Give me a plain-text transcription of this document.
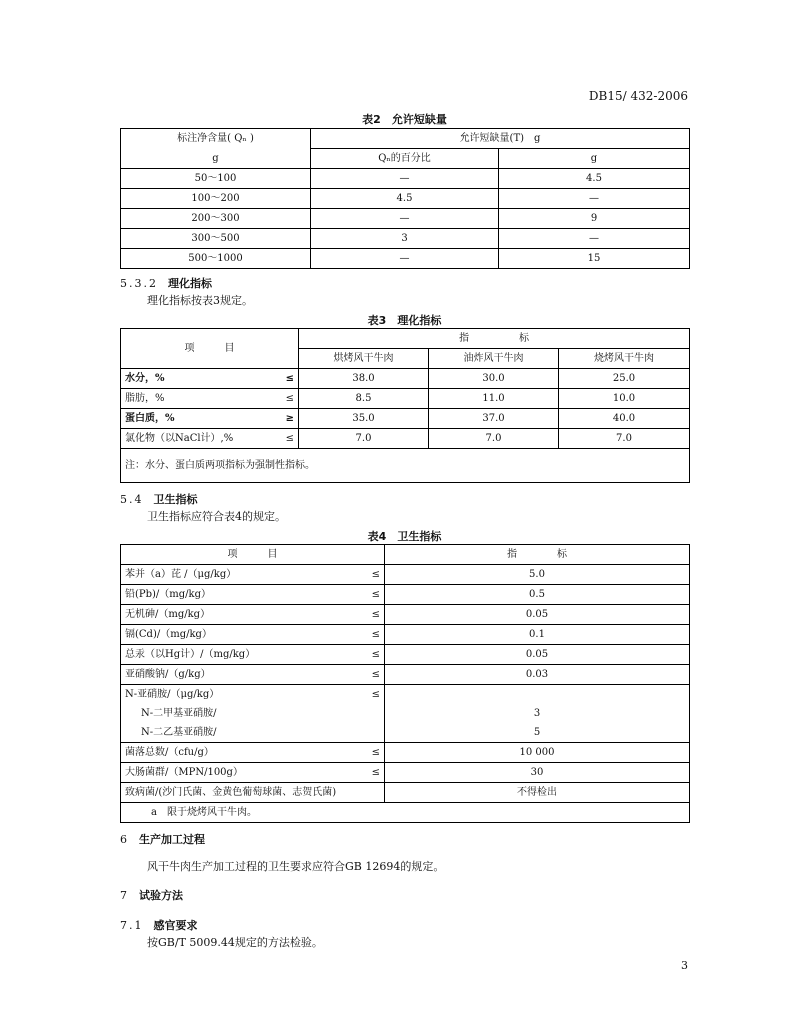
DB15/ 432-2006
表2　允许短缺量
标注净含量( Qₙ )	允许短缺量(T)　g	
g	Qₙ的百分比	g
50～100	—	4.5
100～200	4.5	—
200～300	—	9
300～500	3	—
500～1000	—	15
5.3.2 理化指标
理化指标按表3规定。
表3　理化指标
项　　　目	指　　　　　标		
	烘烤风干牛肉	油炸风干牛肉	烧烤风干牛肉

水分，% ≤	38.0	30.0	25.0

脂肪，% ≤	8.5	11.0	10.0

蛋白质，% ≥	35.0	37.0	40.0

氯化物（以NaCl计）,% ≤	7.0	7.0	7.0
注：水分、蛋白质两项指标为强制性指标。			
5.4 卫生指标
卫生指标应符合表4的规定。
表4　卫生指标
项　　　目	指　　　　标

苯并（a）芘 /（μg/kg） ≤	5.0

铅(Pb)/（mg/kg） ≤	0.5

无机砷/（mg/kg） ≤	0.05

镉(Cd)/（mg/kg） ≤	0.1

总汞（以Hg计）/（mg/kg） ≤	0.05

亚硝酸钠/（g/kg） ≤	0.03

N-亚硝胺/（μg/kg） ≤	

N-二甲基亚硝胺/	3
N-二乙基亚硝胺/	5

菌落总数/（cfu/g） ≤	10 000

大肠菌群/（MPN/100g） ≤	30

致病菌/(沙门氏菌、金黄色葡萄球菌、志贺氏菌)	不得检出
a　限于烧烤风干牛肉。	
6 生产加工过程
风干牛肉生产加工过程的卫生要求应符合GB 12694的规定。
7 试验方法
7.1 感官要求
按GB/T 5009.44规定的方法检验。
3
